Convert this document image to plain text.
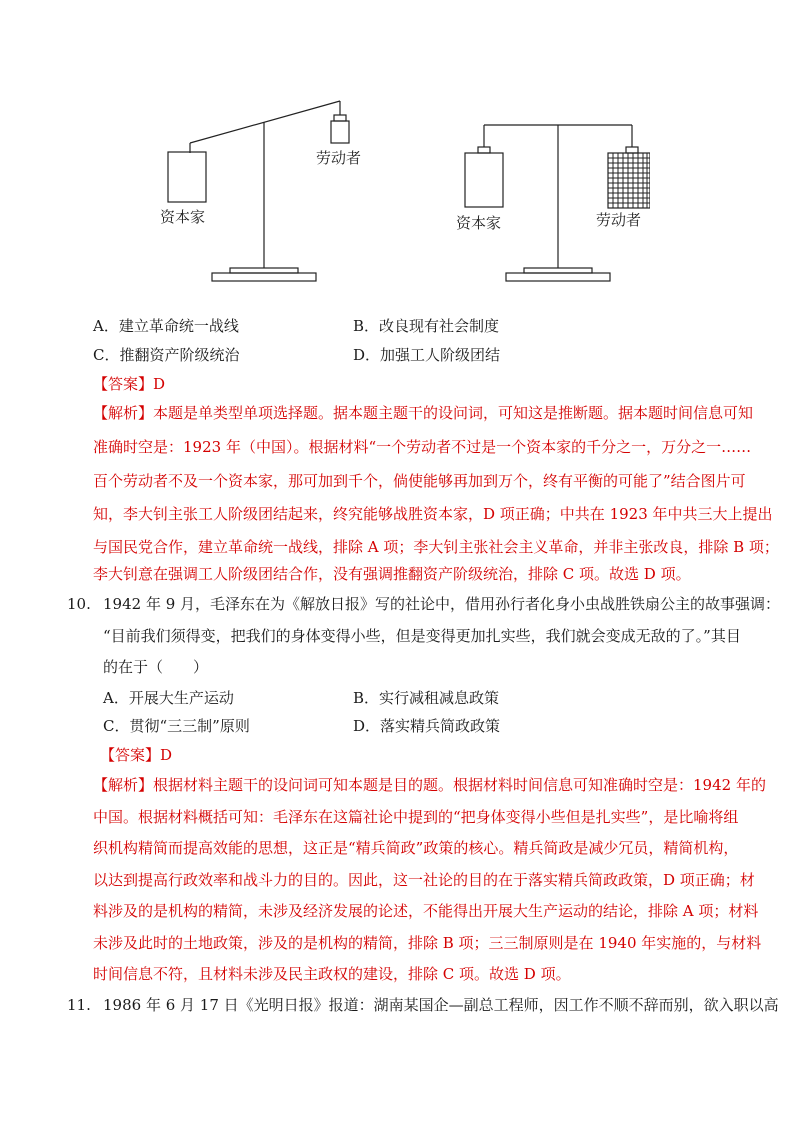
资本家
劳动者
资本家	劳动者
A．建立革命统一战线	B．改良现有社会制度
C．推翻资产阶级统治	D．加强工人阶级团结
【答案】D
【解析】本题是单类型单项选择题。据本题主题干的设问词，可知这是推断题。据本题时间信息可知
准确时空是：1923 年（中国）。根据材料“一个劳动者不过是一个资本家的千分之一，万分之一……
百个劳动者不及一个资本家，那可加到千个，倘使能够再加到万个，终有平衡的可能了”结合图片可
知，李大钊主张工人阶级团结起来，终究能够战胜资本家，D 项正确；中共在 1923 年中共三大上提出
与国民党合作，建立革命统一战线，排除 A 项；李大钊主张社会主义革命，并非主张改良，排除 B 项；
李大钊意在强调工人阶级团结合作，没有强调推翻资产阶级统治，排除 C 项。故选 D 项。
10. 1942 年 9 月，毛泽东在为《解放日报》写的社论中，借用孙行者化身小虫战胜铁扇公主的故事强调：
“目前我们须得变，把我们的身体变得小些，但是变得更加扎实些，我们就会变成无敌的了。”其目
的在于（　　）
A．开展大生产运动	B．实行减租减息政策
C．贯彻“三三制”原则	D．落实精兵简政政策
【答案】D
【解析】根据材料主题干的设问词可知本题是目的题。根据材料时间信息可知准确时空是：1942 年的
中国。根据材料概括可知：毛泽东在这篇社论中提到的“把身体变得小些但是扎实些”，是比喻将组
织机构精简而提高效能的思想，这正是“精兵简政”政策的核心。精兵简政是减少冗员，精简机构，
以达到提高行政效率和战斗力的目的。因此，这一社论的目的在于落实精兵简政政策，D 项正确；材
料涉及的是机构的精简，未涉及经济发展的论述，不能得出开展大生产运动的结论，排除 A 项；材料
未涉及此时的土地政策，涉及的是机构的精简，排除 B 项；三三制原则是在 1940 年实施的，与材料
时间信息不符，且材料未涉及民主政权的建设，排除 C 项。故选 D 项。
11. 1986 年 6 月 17 日《光明日报》报道：湖南某国企—副总工程师，因工作不顺不辞而别，欲入职以高
